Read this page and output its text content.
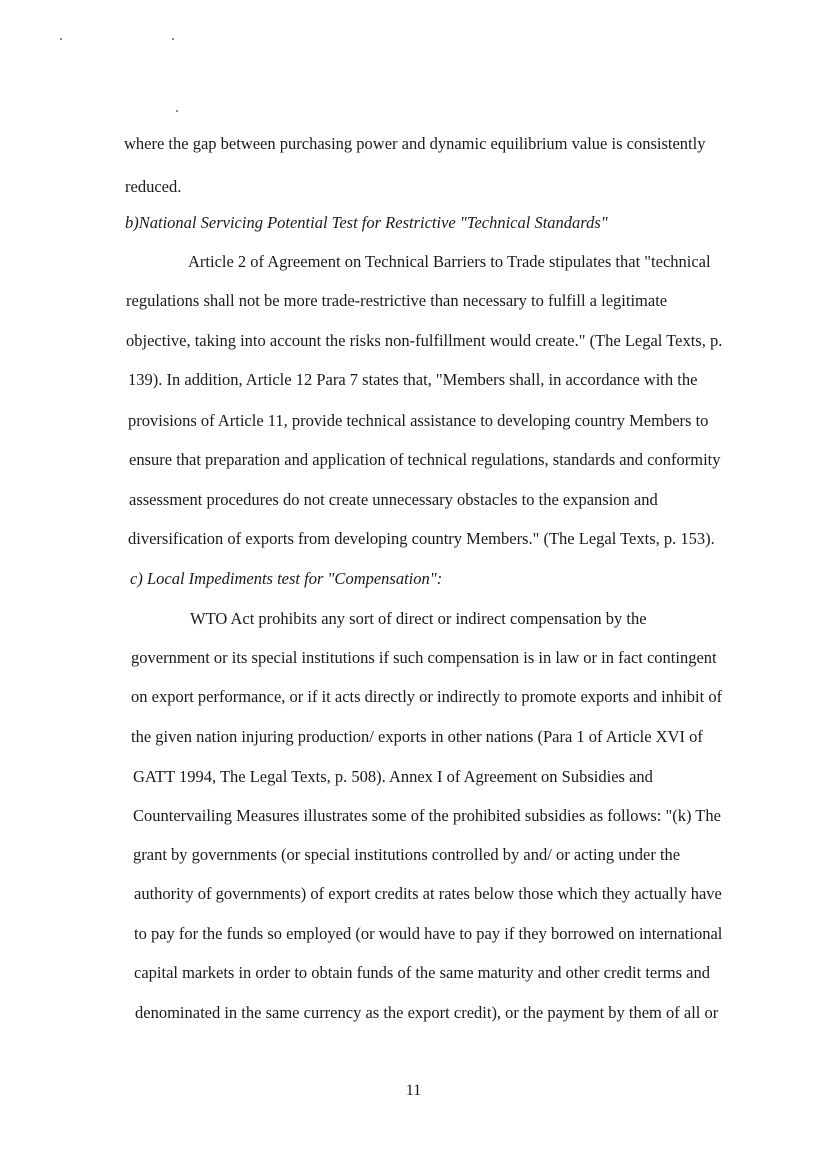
where the gap between purchasing power and dynamic equilibrium value is consistently
reduced.
b)National Servicing Potential Test for Restrictive "Technical Standards"
Article 2 of Agreement on Technical Barriers to Trade stipulates that "technical
regulations shall not be more trade-restrictive than necessary to fulfill a legitimate
objective, taking into account the risks non-fulfillment would create." (The Legal Texts, p.
139). In addition, Article 12 Para 7 states that, "Members shall, in accordance with the
provisions of Article 11, provide technical assistance to developing country Members to
ensure that preparation and application of technical regulations, standards and conformity
assessment procedures do not create unnecessary obstacles to the expansion and
diversification of exports from developing country Members." (The Legal Texts, p. 153).
c) Local Impediments test for "Compensation":
WTO Act prohibits any sort of direct or indirect compensation by the
government or its special institutions if such compensation is in law or in fact contingent
on export performance, or if it acts directly or indirectly to promote exports and inhibit of
the given nation injuring production/ exports in other nations (Para 1 of Article XVI of
GATT 1994, The Legal Texts, p. 508). Annex I of Agreement on Subsidies and
Countervailing Measures illustrates some of the prohibited subsidies as follows: "(k) The
grant by governments (or special institutions controlled by and/ or acting under the
authority of governments) of export credits at rates below those which they actually have
to pay for the funds so employed (or would have to pay if they borrowed on international
capital markets in order to obtain funds of the same maturity and other credit terms and
denominated in the same currency as the export credit), or the payment by them of all or
11
